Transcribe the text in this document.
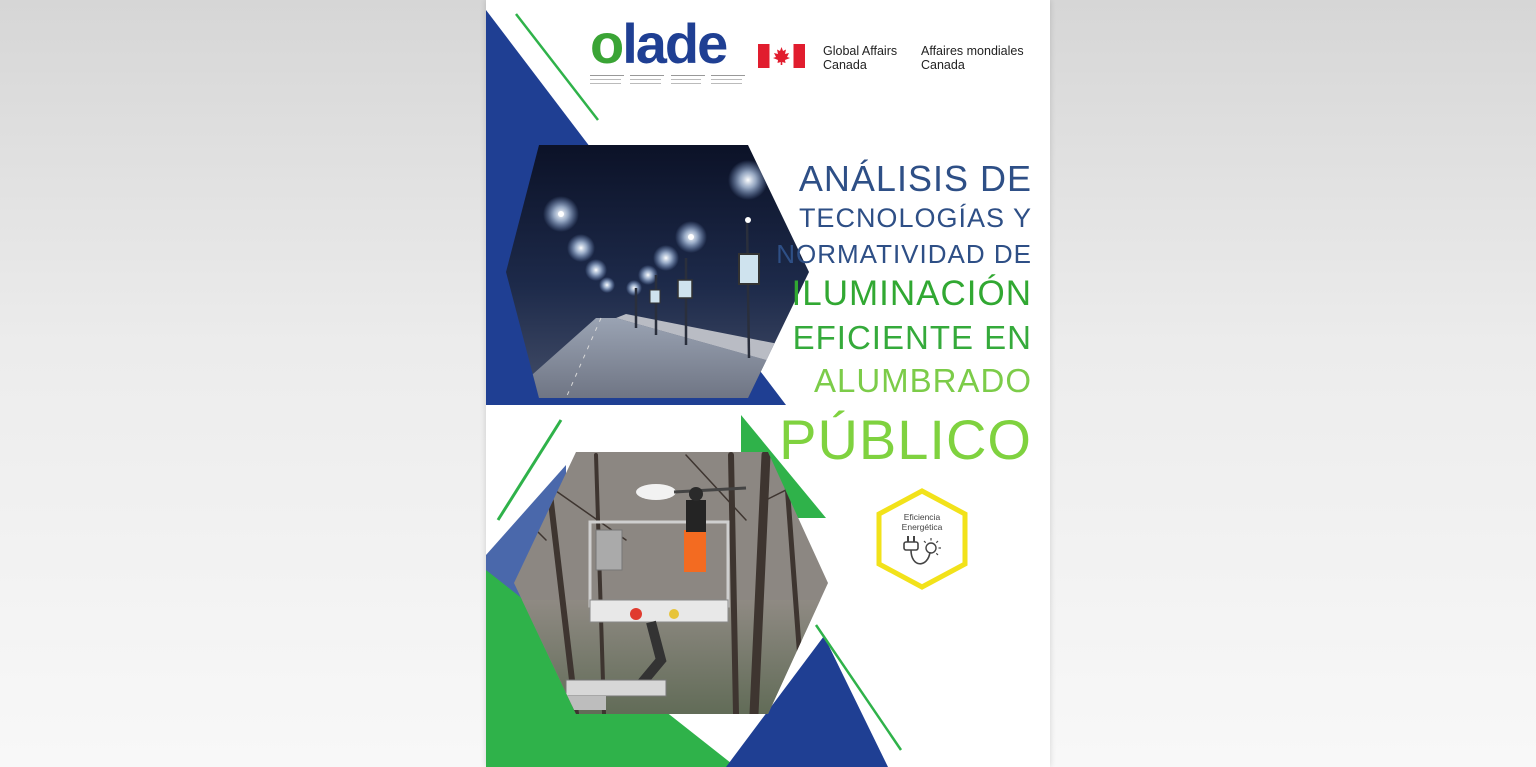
olade	Global Affairs
Canada
Affaires mondiales
Canada
ANÁLISIS DE
TECNOLOGÍAS Y
NORMATIVIDAD DE
ILUMINACIÓN
EFICIENTE EN
ALUMBRADO
PÚBLICO
Eficiencia
Energética
